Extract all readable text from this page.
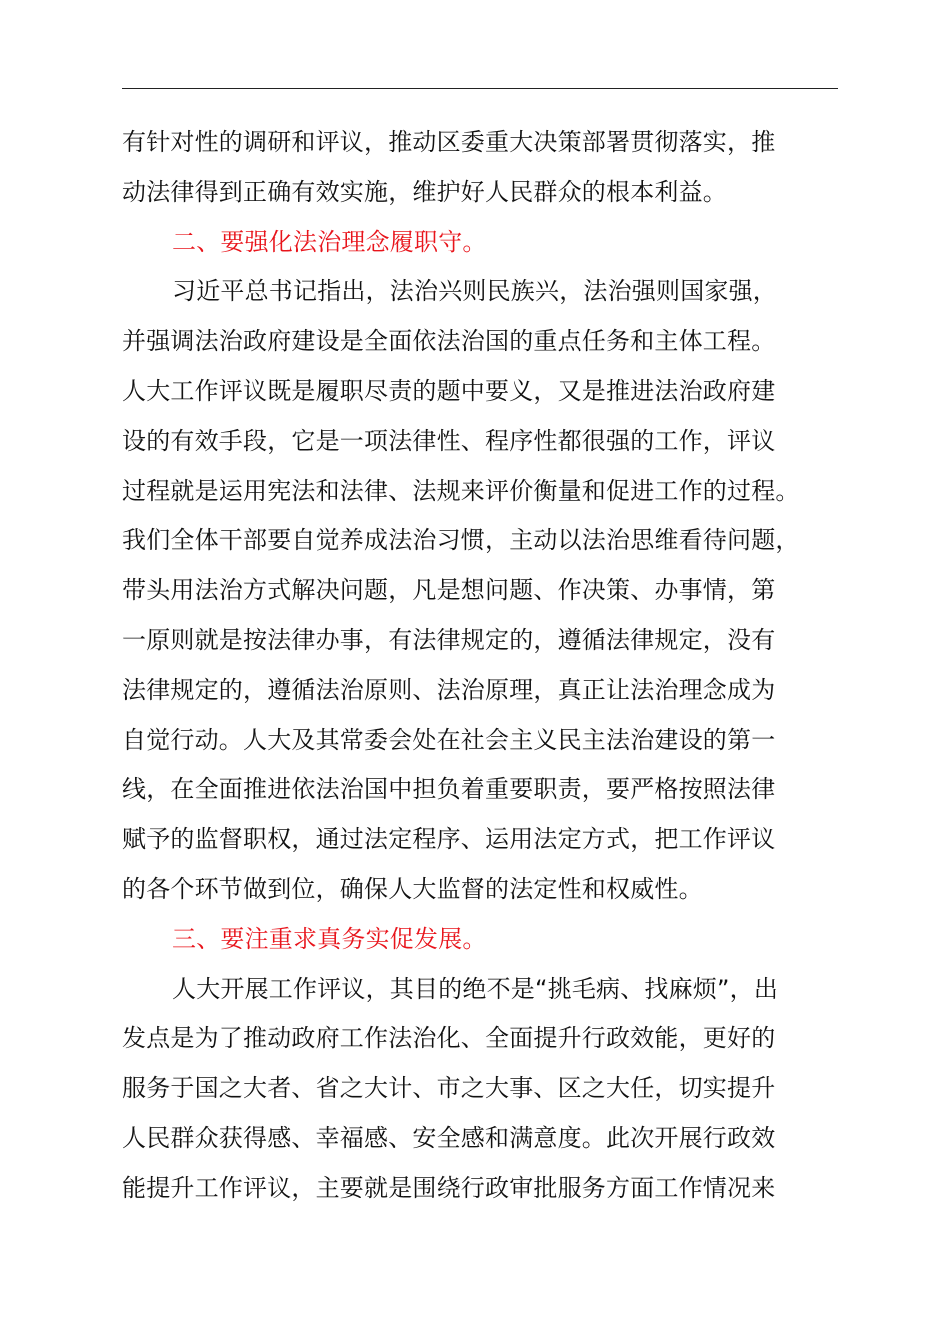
有针对性的调研和评议，推动区委重大决策部署贯彻落实，推
动法律得到正确有效实施，维护好人民群众的根本利益。
二、要强化法治理念履职守。
习近平总书记指出，法治兴则民族兴，法治强则国家强，
并强调法治政府建设是全面依法治国的重点任务和主体工程。
人大工作评议既是履职尽责的题中要义，又是推进法治政府建
设的有效手段，它是一项法律性、程序性都很强的工作，评议
过程就是运用宪法和法律、法规来评价衡量和促进工作的过程。
我们全体干部要自觉养成法治习惯，主动以法治思维看待问题，
带头用法治方式解决问题，凡是想问题、作决策、办事情，第
一原则就是按法律办事，有法律规定的，遵循法律规定，没有
法律规定的，遵循法治原则、法治原理，真正让法治理念成为
自觉行动。人大及其常委会处在社会主义民主法治建设的第一
线，在全面推进依法治国中担负着重要职责，要严格按照法律
赋予的监督职权，通过法定程序、运用法定方式，把工作评议
的各个环节做到位，确保人大监督的法定性和权威性。
三、要注重求真务实促发展。
人大开展工作评议，其目的绝不是“挑毛病、找麻烦”，出
发点是为了推动政府工作法治化、全面提升行政效能，更好的
服务于国之大者、省之大计、市之大事、区之大任，切实提升
人民群众获得感、幸福感、安全感和满意度。此次开展行政效
能提升工作评议，主要就是围绕行政审批服务方面工作情况来
